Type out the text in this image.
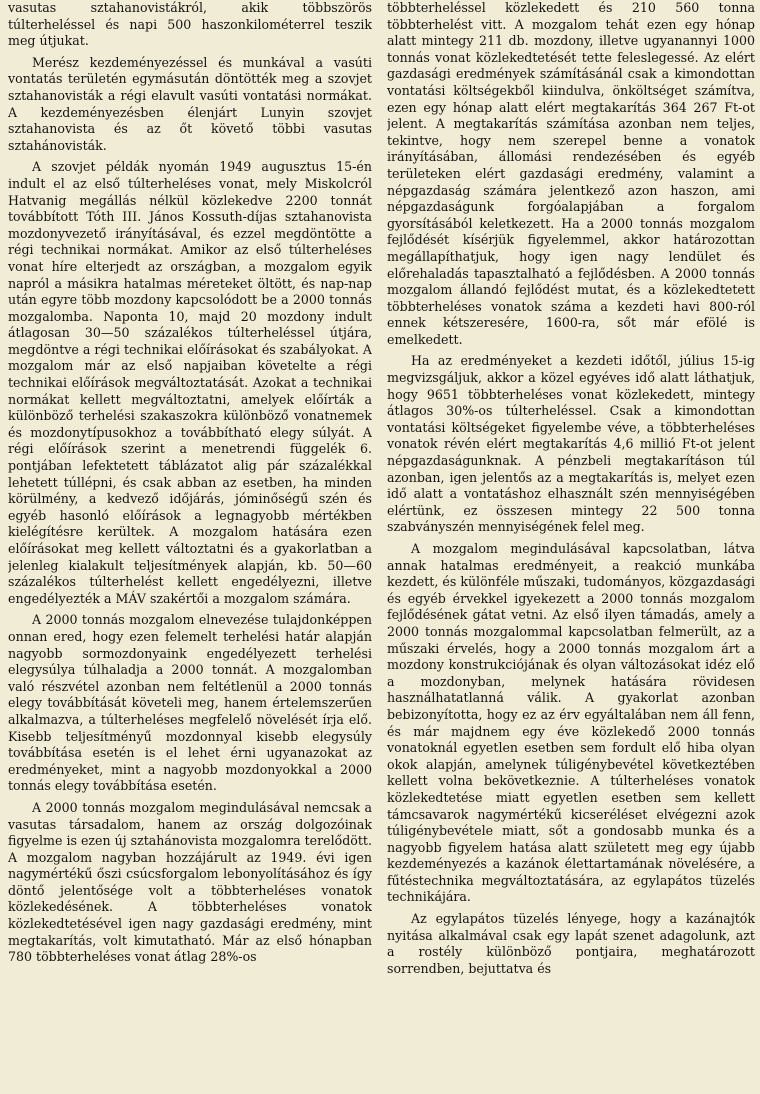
vasutas sztahanovistákról, akik többszörös túlterheléssel és napi 500 haszonkilométerrel teszik meg útjukat.

Merész kezdeményezéssel és munkával a vasúti vontatás területén egymásután döntötték meg a szovjet sztahanovisták a régi elavult vasúti vontatási normákat. A kezdeményezésben élenjárt Lunyin szovjet sztahanovista és az őt követő többi vasutas sztahánovisták.

A szovjet példák nyomán 1949 augusztus 15-én indult el az első túlterheléses vonat, mely Miskolcról Hatvanig megállás nélkül közlekedve 2200 tonnát továbbított Tóth III. János Kossuth-díjas sztahanovista mozdonyvezető irányításával, és ezzel megdöntötte a régi technikai normákat. Amikor az első túlterheléses vonat híre elterjedt az országban, a mozgalom egyik napról a másikra hatalmas méreteket öltött, és nap-nap után egyre több mozdony kapcsolódott be a 2000 tonnás mozgalomba. Naponta 10, majd 20 mozdony indult átlagosan 30—50 százalékos túlterheléssel útjára, megdöntve a régi technikai előírásokat és szabályokat. A mozgalom már az első napjaiban követelte a régi technikai előírások megváltoztatását. Azokat a technikai normákat kellett megváltoztatni, amelyek előírták a különböző terhelési szakaszokra különböző vonatnemek és mozdonytípusokhoz a továbbítható elegy súlyát. A régi előírások szerint a menetrendi függelék 6. pontjában lefektetett táblázatot alig pár százalékkal lehetett túllépni, és csak abban az esetben, ha minden körülmény, a kedvező időjárás, jóminőségű szén és egyéb hasonló előírások a legnagyobb mértékben kielégítésre kerültek. A mozgalom hatására ezen előírásokat meg kellett változtatni és a gyakorlatban a jelenleg kialakult teljesítmények alapján, kb. 50—60 százalékos túlterhelést kellett engedélyezni, illetve engedélyezték a MÁV szakértői a mozgalom számára.

A 2000 tonnás mozgalom elnevezése tulajdonképpen onnan ered, hogy ezen felemelt terhelési határ alapján nagyobb sormozdonyaink engedélyezett terhelési elegysúlya túlhaladja a 2000 tonnát. A mozgalomban való részvétel azonban nem feltétlenül a 2000 tonnás elegy továbbítását követeli meg, hanem értelemszerűen alkalmazva, a túlterheléses megfelelő növelését írja elő. Kisebb teljesítményű mozdonnyal kisebb elegysúly továbbítása esetén is el lehet érni ugyanazokat az eredményeket, mint a nagyobb mozdonyokkal a 2000 tonnás elegy továbbítása esetén.

A 2000 tonnás mozgalom megindulásával nemcsak a vasutas társadalom, hanem az ország dolgozóinak figyelme is ezen új sztahánovista mozgalomra terelődött. A mozgalom nagyban hozzájárult az 1949. évi igen nagymértékű őszi csúcsforgalom lebonyolításához és így döntő jelentősége volt a többterheléses vonatok közlekedésének. A többterheléses vonatok közlekedtetésével igen nagy gazdasági eredmény, mint megtakarítás, volt kimutatható. Már az első hónapban 780 többterheléses vonat átlag 28%-os

többterheléssel közlekedett és 210 560 tonna többterhelést vitt. A mozgalom tehát ezen egy hónap alatt mintegy 211 db. mozdony, illetve ugyanannyi 1000 tonnás vonat közlekedtetését tette feleslegessé. Az elért gazdasági eredmények számításánál csak a kimondottan vontatási költségekből kiindulva, önköltséget számítva, ezen egy hónap alatt elért megtakarítás 364 267 Ft-ot jelent. A megtakarítás számítása azonban nem teljes, tekintve, hogy nem szerepel benne a vonatok irányításában, állomási rendezésében és egyéb területeken elért gazdasági eredmény, valamint a népgazdaság számára jelentkező azon haszon, ami népgazdaságunk forgóalapjában a forgalom gyorsításából keletkezett. Ha a 2000 tonnás mozgalom fejlődését kísérjük figyelemmel, akkor határozottan megállapíthatjuk, hogy igen nagy lendület és előrehaladás tapasztalható a fejlődésben. A 2000 tonnás mozgalom állandó fejlődést mutat, és a közlekedtetett többterheléses vonatok száma a kezdeti havi 800-ról ennek kétszeresére, 1600-ra, sőt már efölé is emelkedett.

Ha az eredményeket a kezdeti időtől, július 15-ig megvizsgáljuk, akkor a közel egyéves idő alatt láthatjuk, hogy 9651 többterheléses vonat közlekedett, mintegy átlagos 30%-os túlterheléssel. Csak a kimondottan vontatási költségeket figyelembe véve, a többterheléses vonatok révén elért megtakarítás 4,6 millió Ft-ot jelent népgazdaságunknak. A pénzbeli megtakarításon túl azonban, igen jelentős az a megtakarítás is, melyet ezen idő alatt a vontatáshoz elhasznált szén mennyiségében elértünk, ez összesen mintegy 22 500 tonna szabványszén mennyiségének felel meg.

A mozgalom megindulásával kapcsolatban, látva annak hatalmas eredményeit, a reakció munkába kezdett, és különféle műszaki, tudományos, közgazdasági és egyéb érvekkel igyekezett a 2000 tonnás mozgalom fejlődésének gátat vetni. Az első ilyen támadás, amely a 2000 tonnás mozgalommal kapcsolatban felmerült, az a műszaki érvelés, hogy a 2000 tonnás mozgalom árt a mozdony konstrukciójának és olyan változásokat idéz elő a mozdonyban, melynek hatására rövidesen használhatatlanná válik. A gyakorlat azonban bebizonyította, hogy ez az érv egyáltalában nem áll fenn, és már majdnem egy éve közlekedő 2000 tonnás vonatoknál egyetlen esetben sem fordult elő hiba olyan okok alapján, amelynek túligénybevétel következtében kellett volna bekövetkeznie. A túlterheléses vonatok közlekedtetése miatt egyetlen esetben sem kellett támcsavarok nagymértékű kicseréléset elvégezni azok túligénybevétele miatt, sőt a gondosabb munka és a nagyobb figyelem hatása alatt született meg egy újabb kezdeményezés a kazánok élettartamának növelésére, a fűtéstechnika megváltoztatására, az egylapátos tüzelés technikájára.

Az egylapátos tüzelés lényege, hogy a kazánajtók nyitása alkalmával csak egy lapát szenet adagolunk, azt a rostély különböző pontjaira, meghatározott sorrendben, bejuttatva és
